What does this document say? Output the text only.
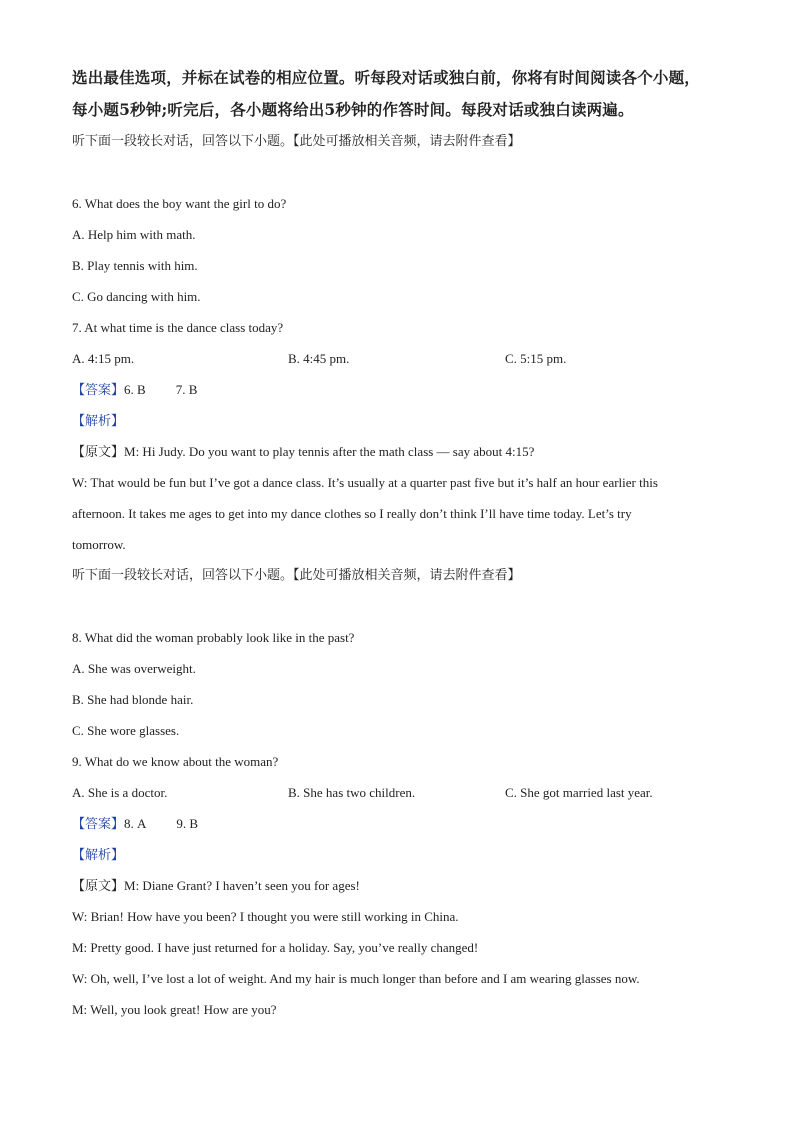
选出最佳选项，并标在试卷的相应位置。听每段对话或独白前，你将有时间阅读各个小题，
每小题5秒钟;听完后，各小题将给出5秒钟的作答时间。每段对话或独白读两遍。
听下面一段较长对话，回答以下小题。【此处可播放相关音频，请去附件查看】
6. What does the boy want the girl to do?
A. Help him with math.
B. Play tennis with him.
C. Go dancing with him.
7. At what time is the dance class today?
A. 4:15 pm.	B. 4:45 pm.	C. 5:15 pm.
【答案】6. B 7. B
【解析】
【原文】M: Hi Judy. Do you want to play tennis after the math class — say about 4:15?
W: That would be fun but I’ve got a dance class. It’s usually at a quarter past five but it’s half an hour earlier this
afternoon. It takes me ages to get into my dance clothes so I really don’t think I’ll have time today. Let’s try
tomorrow.
听下面一段较长对话，回答以下小题。【此处可播放相关音频，请去附件查看】
8. What did the woman probably look like in the past?
A. She was overweight.
B. She had blonde hair.
C. She wore glasses.
9. What do we know about the woman?
A. She is a doctor.	B. She has two children.	C. She got married last year.
【答案】8. A 9. B
【解析】
【原文】M: Diane Grant? I haven’t seen you for ages!
W: Brian! How have you been? I thought you were still working in China.
M: Pretty good. I have just returned for a holiday. Say, you’ve really changed!
W: Oh, well, I’ve lost a lot of weight. And my hair is much longer than before and I am wearing glasses now.
M: Well, you look great! How are you?
